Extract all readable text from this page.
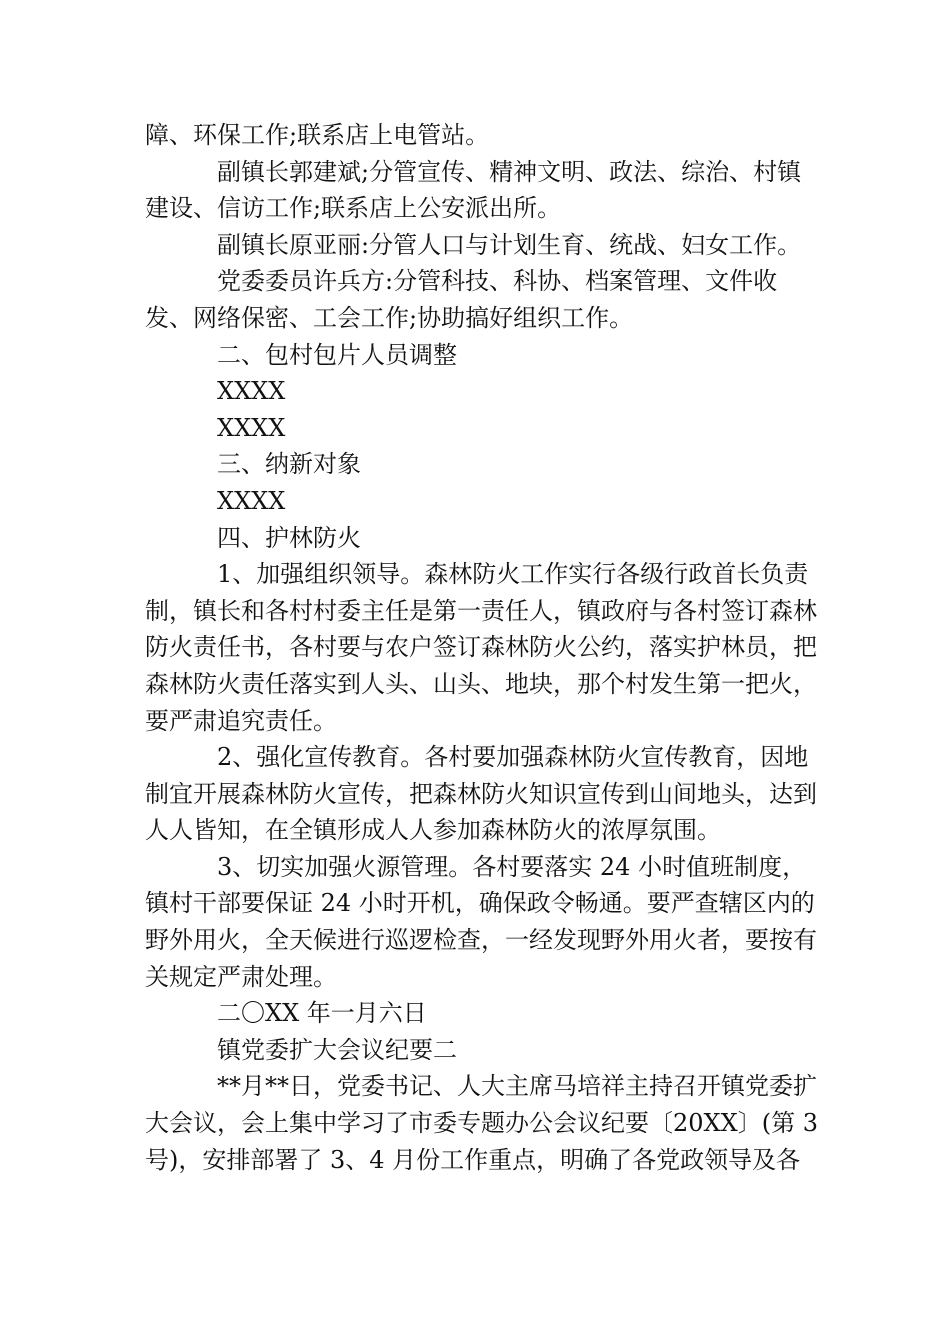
障、环保工作;联系店上电管站。

副镇长郭建斌;分管宣传、精神文明、政法、综治、村镇建设、信访工作;联系店上公安派出所。

副镇长原亚丽:分管人口与计划生育、统战、妇女工作。

党委委员许兵方:分管科技、科协、档案管理、文件收发、网络保密、工会工作;协助搞好组织工作。

二、包村包片人员调整

XXXX

XXXX

三、纳新对象

XXXX

四、护林防火

1、加强组织领导。森林防火工作实行各级行政首长负责制，镇长和各村村委主任是第一责任人，镇政府与各村签订森林防火责任书，各村要与农户签订森林防火公约，落实护林员，把森林防火责任落实到人头、山头、地块，那个村发生第一把火，要严肃追究责任。

2、强化宣传教育。各村要加强森林防火宣传教育，因地制宜开展森林防火宣传，把森林防火知识宣传到山间地头，达到人人皆知，在全镇形成人人参加森林防火的浓厚氛围。

3、切实加强火源管理。各村要落实 24 小时值班制度，镇村干部要保证 24 小时开机，确保政令畅通。要严查辖区内的野外用火，全天候进行巡逻检查，一经发现野外用火者，要按有关规定严肃处理。

二〇XX 年一月六日

镇党委扩大会议纪要二

**月**日，党委书记、人大主席马培祥主持召开镇党委扩大会议，会上集中学习了市委专题办公会议纪要〔20XX〕(第 3 号)，安排部署了 3、4 月份工作重点，明确了各党政领导及各
